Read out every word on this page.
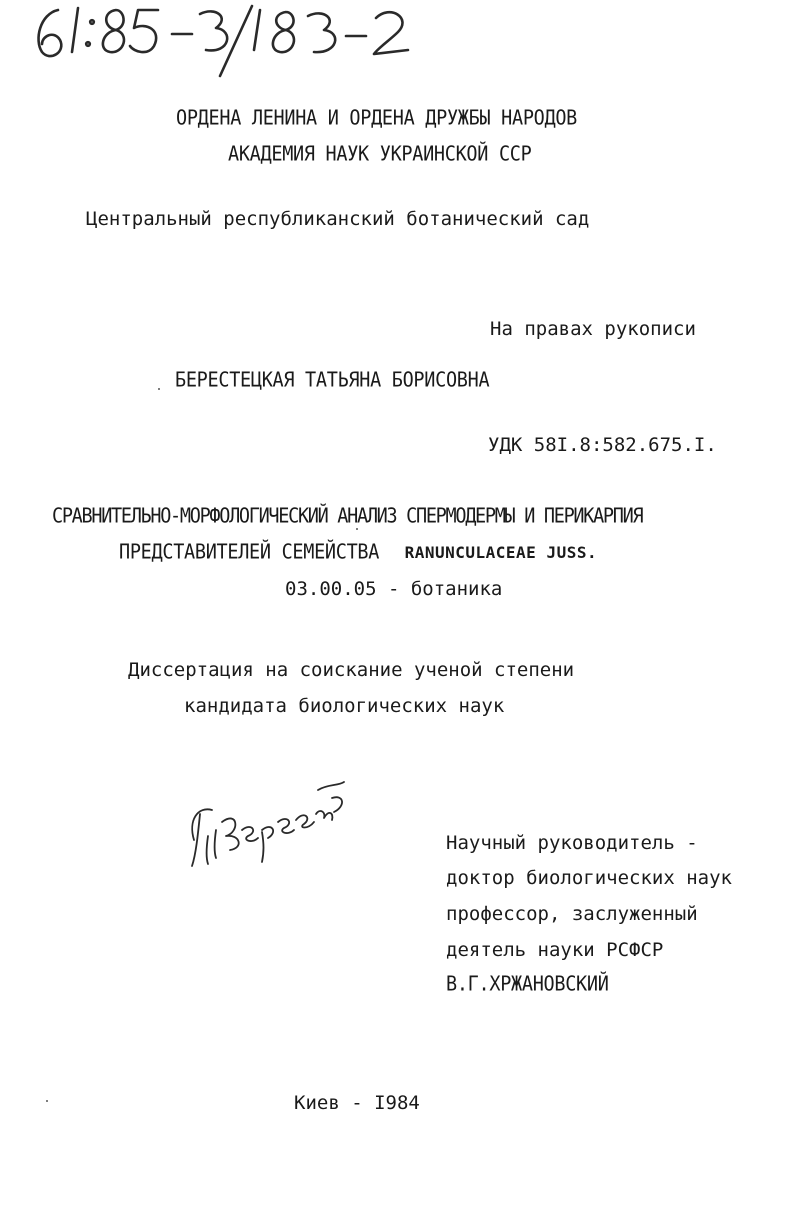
ОРДЕНА ЛЕНИНА И ОРДЕНА ДРУЖБЫ НАРОДОВ
АКАДЕМИЯ НАУК УКРАИНСКОЙ ССР
Центральный республиканский ботанический сад
На правах рукописи
БЕРЕСТЕЦКАЯ ТАТЬЯНА БОРИСОВНА
УДК 58I.8:582.675.I.
СРАВНИТЕЛЬНО-МОРФОЛОГИЧЕСКИЙ АНАЛИЗ СПЕРМОДЕРМЫ И ПЕРИКАРПИЯ
ПРЕДСТАВИТЕЛЕЙ СЕМЕЙСТВА RANUNCULACEAE JUSS.
03.00.05 - ботаника
Диссертация на соискание ученой степени
кандидата биологических наук
Научный руководитель -
доктор биологических наук
профессор, заслуженный
деятель науки РСФСР
В.Г.ХРЖАНОВСКИЙ
Киев - I984
